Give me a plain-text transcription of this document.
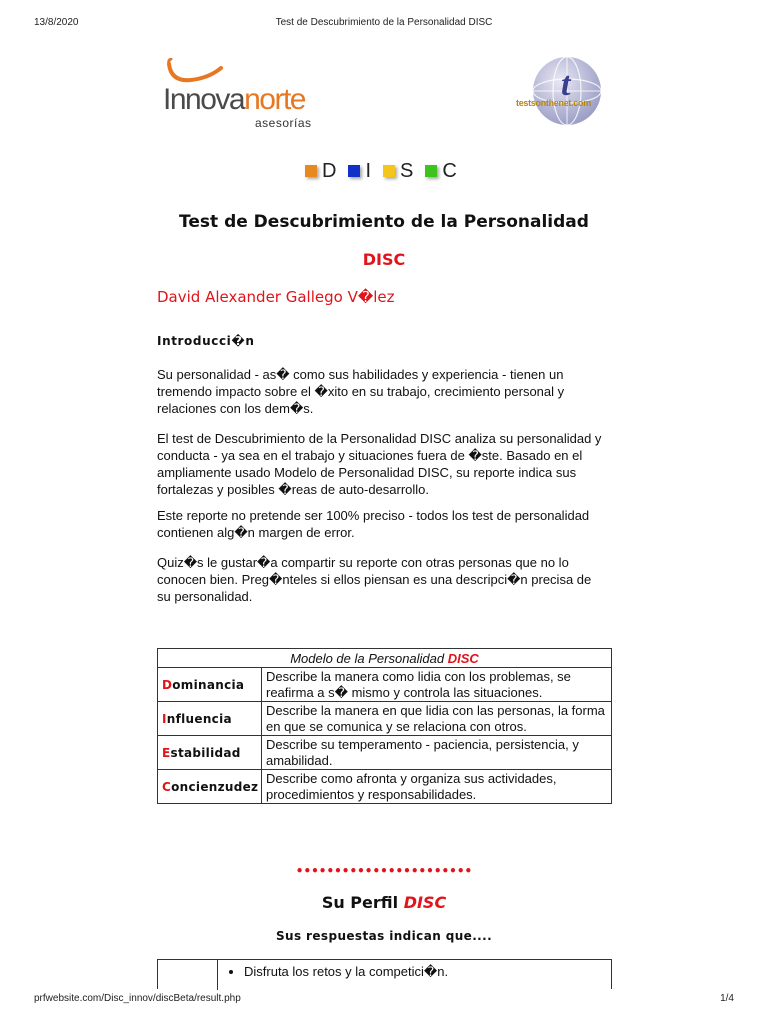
13/8/2020	Test de Descubrimiento de la Personalidad DISC
Innovanorte
asesorías
t
testsonthenet.com
D I S C
Test de Descubrimiento de la Personalidad
DISC
David Alexander Gallego V�lez
Introducci�n

Su personalidad - as� como sus habilidades y experiencia - tienen un tremendo impacto sobre el �xito en su trabajo, crecimiento personal y relaciones con los dem�s.

El test de Descubrimiento de la Personalidad DISC analiza su personalidad y conducta - ya sea en el trabajo y situaciones fuera de �ste. Basado en el ampliamente usado Modelo de Personalidad DISC, su reporte indica sus fortalezas y posibles �reas de auto-desarrollo.

Este reporte no pretende ser 100% preciso - todos los test de personalidad contienen alg�n margen de error.

Quiz�s le gustar�a compartir su reporte con otras personas que no lo conocen bien. Preg�nteles si ellos piensan es una descripci�n precisa de su personalidad.

Modelo de la Personalidad DISC	
Dominancia	Describe la manera como lidia con los problemas, se reafirma a s� mismo y controla las situaciones.
Influencia	Describe la manera en que lidia con las personas, la forma en que se comunica y se relaciona con otros.
Estabilidad	Describe su temperamento - paciencia, persistencia, y amabilidad.
Concienzudez	Describe como afronta y organiza sus actividades, procedimientos y responsabilidades.
•••••••••••••••••••••••
Su Perfil DISC
Sus respuestas indican que....
• Disfruta los retos y la competici�n.
prfwebsite.com/Disc_innov/discBeta/result.php	1/4
